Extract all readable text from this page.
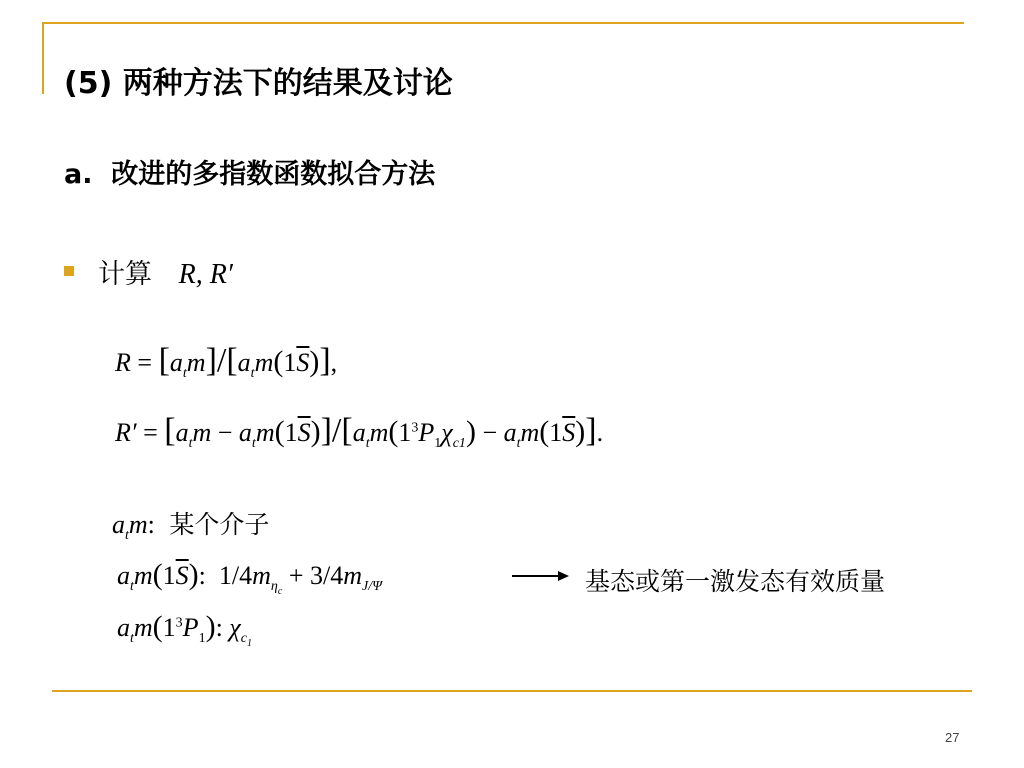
(5) 两种方法下的结果及讨论
a. 改进的多指数函数拟合方法
计算 R, R′
$R = [a_tm]/[a_tm(1\overline{S})]$,
$R' = [a_tm - a_tm(1\overline{S})]/[a_tm(1^3P_1\chi_{c1}) - a_tm(1\overline{S})]$.
$a_tm$: 某个介子
$a_tm(1\overline{S})$:  $1/4m_{\eta_c} + 3/4m_{J/\Psi}$	基态或第一激发态有效质量
$a_tm(1^3P_1)$: $\chi_{c_1}$
27
